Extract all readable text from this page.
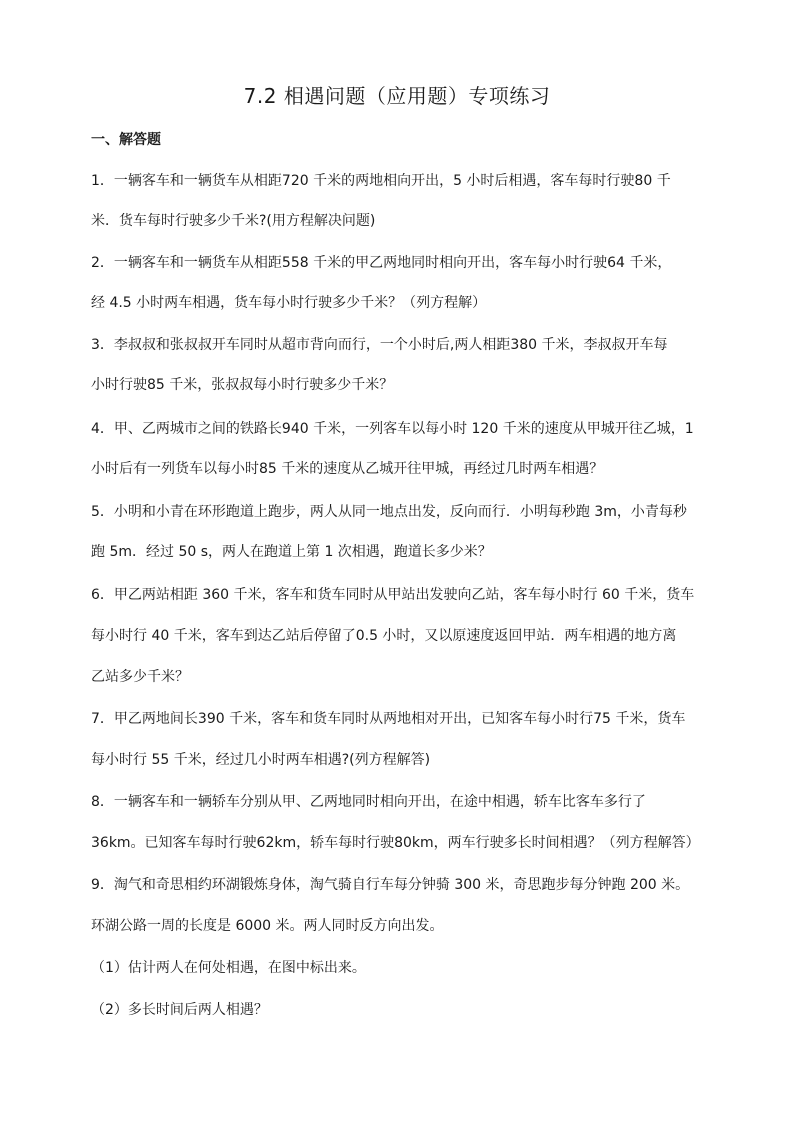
7.2 相遇问题（应用题）专项练习
一、解答题
1．一辆客车和一辆货车从相距720 千米的两地相向开出，5 小时后相遇，客车每时行驶80 千
米．货车每时行驶多少千米?(用方程解决问题)
2．一辆客车和一辆货车从相距558 千米的甲乙两地同时相向开出，客车每小时行驶64 千米，
经 4.5 小时两车相遇，货车每小时行驶多少千米？（列方程解）
3．李叔叔和张叔叔开车同时从超市背向而行，一个小时后,两人相距380 千米，李叔叔开车每
小时行驶85 千米，张叔叔每小时行驶多少千米？
4．甲、乙两城市之间的铁路长940 千米，一列客车以每小时 120 千米的速度从甲城开往乙城，1
小时后有一列货车以每小时85 千米的速度从乙城开往甲城，再经过几时两车相遇？
5．小明和小青在环形跑道上跑步，两人从同一地点出发，反向而行．小明每秒跑 3m，小青每秒
跑 5m．经过 50 s，两人在跑道上第 1 次相遇，跑道长多少米？
6．甲乙两站相距 360 千米，客车和货车同时从甲站出发驶向乙站，客车每小时行 60 千米，货车
每小时行 40 千米，客车到达乙站后停留了0.5 小时，又以原速度返回甲站．两车相遇的地方离
乙站多少千米？
7．甲乙两地间长390 千米，客车和货车同时从两地相对开出，已知客车每小时行75 千米，货车
每小时行 55 千米，经过几小时两车相遇?(列方程解答)
8．一辆客车和一辆轿车分别从甲、乙两地同时相向开出，在途中相遇，轿车比客车多行了
36km。已知客车每时行驶62km，轿车每时行驶80km，两车行驶多长时间相遇？（列方程解答）
9．淘气和奇思相约环湖锻炼身体，淘气骑自行车每分钟骑 300 米，奇思跑步每分钟跑 200 米。
环湖公路一周的长度是 6000 米。两人同时反方向出发。
（1）估计两人在何处相遇，在图中标出来。
（2）多长时间后两人相遇？
